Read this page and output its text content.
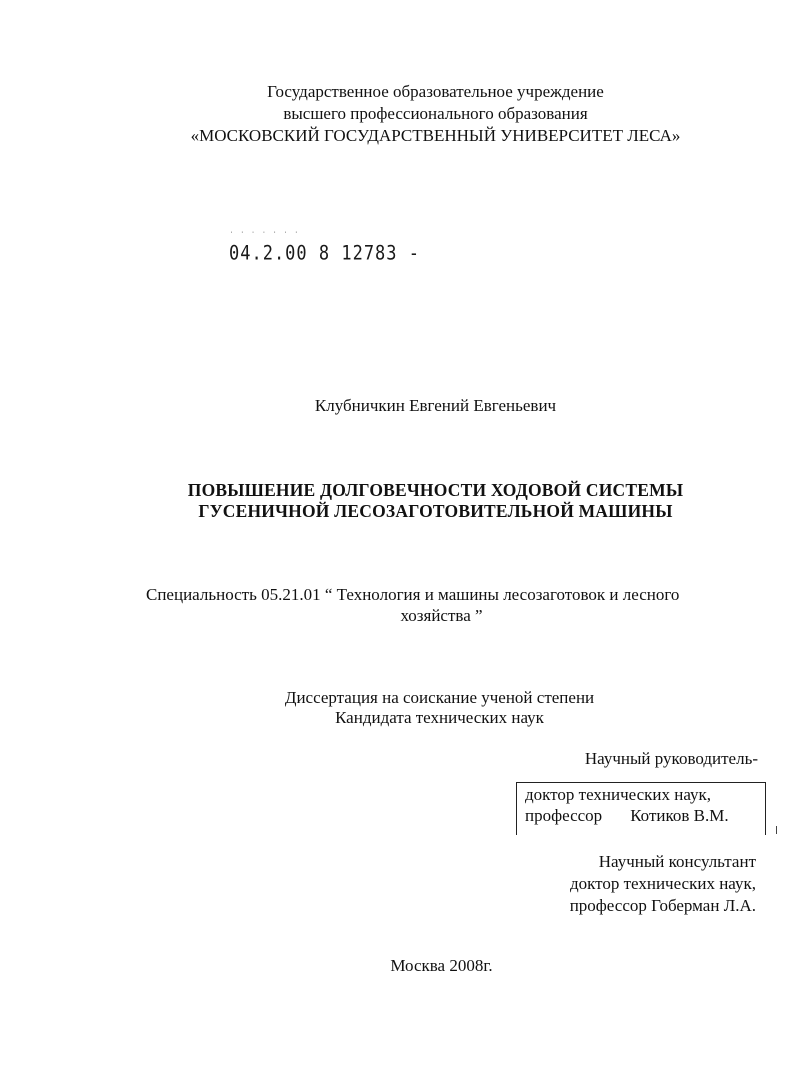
Государственное образовательное учреждение
высшего профессионального образования
«МОСКОВСКИЙ ГОСУДАРСТВЕННЫЙ УНИВЕРСИТЕТ ЛЕСА»
˙˙˙˙˙˙˙
04.2.00 8 12783 -
Клубничкин Евгений Евгеньевич
ПОВЫШЕНИЕ ДОЛГОВЕЧНОСТИ ХОДОВОЙ СИСТЕМЫ
ГУСЕНИЧНОЙ ЛЕСОЗАГОТОВИТЕЛЬНОЙ МАШИНЫ
Специальность 05.21.01 “ Технология и машины лесозаготовок и лесного
хозяйства ”
Диссертация на соискание ученой степени
Кандидата технических наук
Научный руководитель-
доктор технических наук,
профессор Котиков В.М.
Научный консультант
доктор технических наук,
профессор Гоберман Л.А.
Москва 2008г.
